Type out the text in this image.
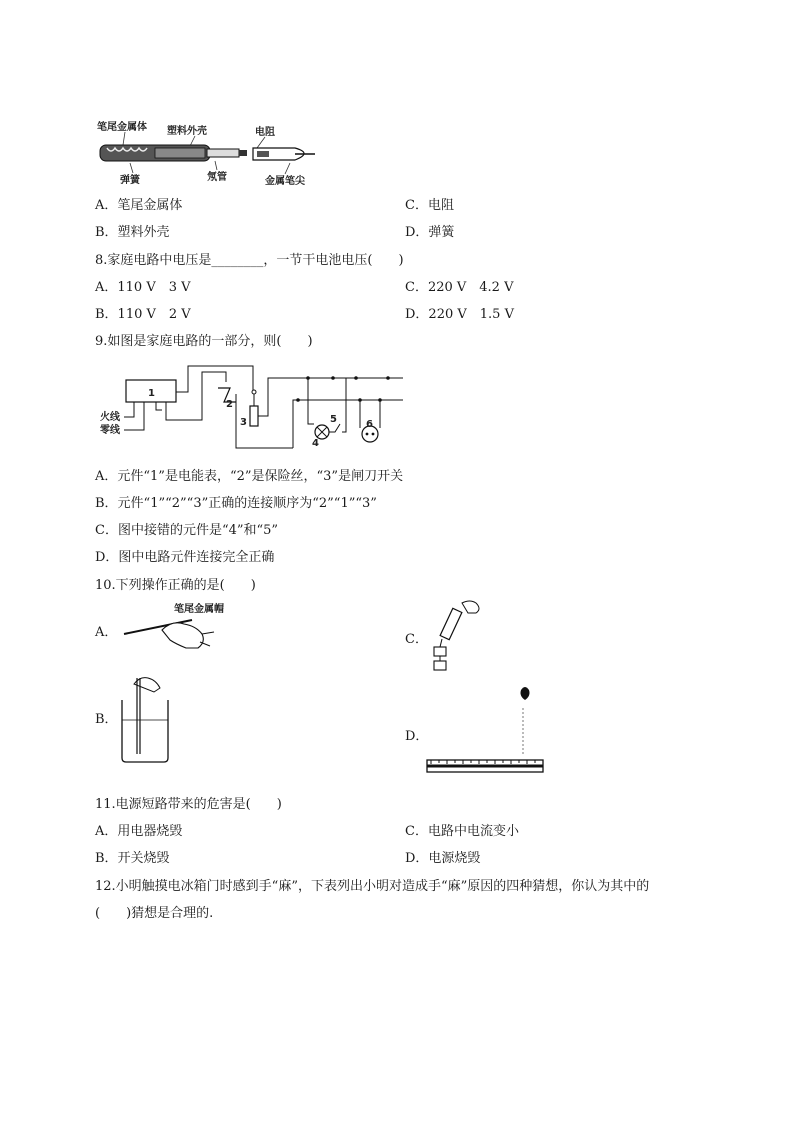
笔尾金属体 塑料外壳	电阻
弹簧	氖管	金属笔尖
A．笔尾金属体	C．电阻
B．塑料外壳	D．弹簧
8.家庭电路中电压是________，一节干电池电压(　　)
A．110 V　3 V	C．220 V　4.2 V
B．110 V　2 V	D．220 V　1.5 V
9.如图是家庭电路的一部分，则(　　)
1
火线
零线
2
3
4
5	6
A．元件“1”是电能表，“2”是保险丝，“3”是闸刀开关
B．元件“1”“2”“3”正确的连接顺序为“2”“1”“3”
C．图中接错的元件是“4”和“5”
D．图中电路元件连接完全正确
10.下列操作正确的是(　　)
A．
笔尾金属帽
C．
B．
D．
11.电源短路带来的危害是(　　)
A．用电器烧毁	C．电路中电流变小
B．开关烧毁	D．电源烧毁
12.小明触摸电冰箱门时感到手“麻”，下表列出小明对造成手“麻”原因的四种猜想，你认为其中的
(　　)猜想是合理的.
